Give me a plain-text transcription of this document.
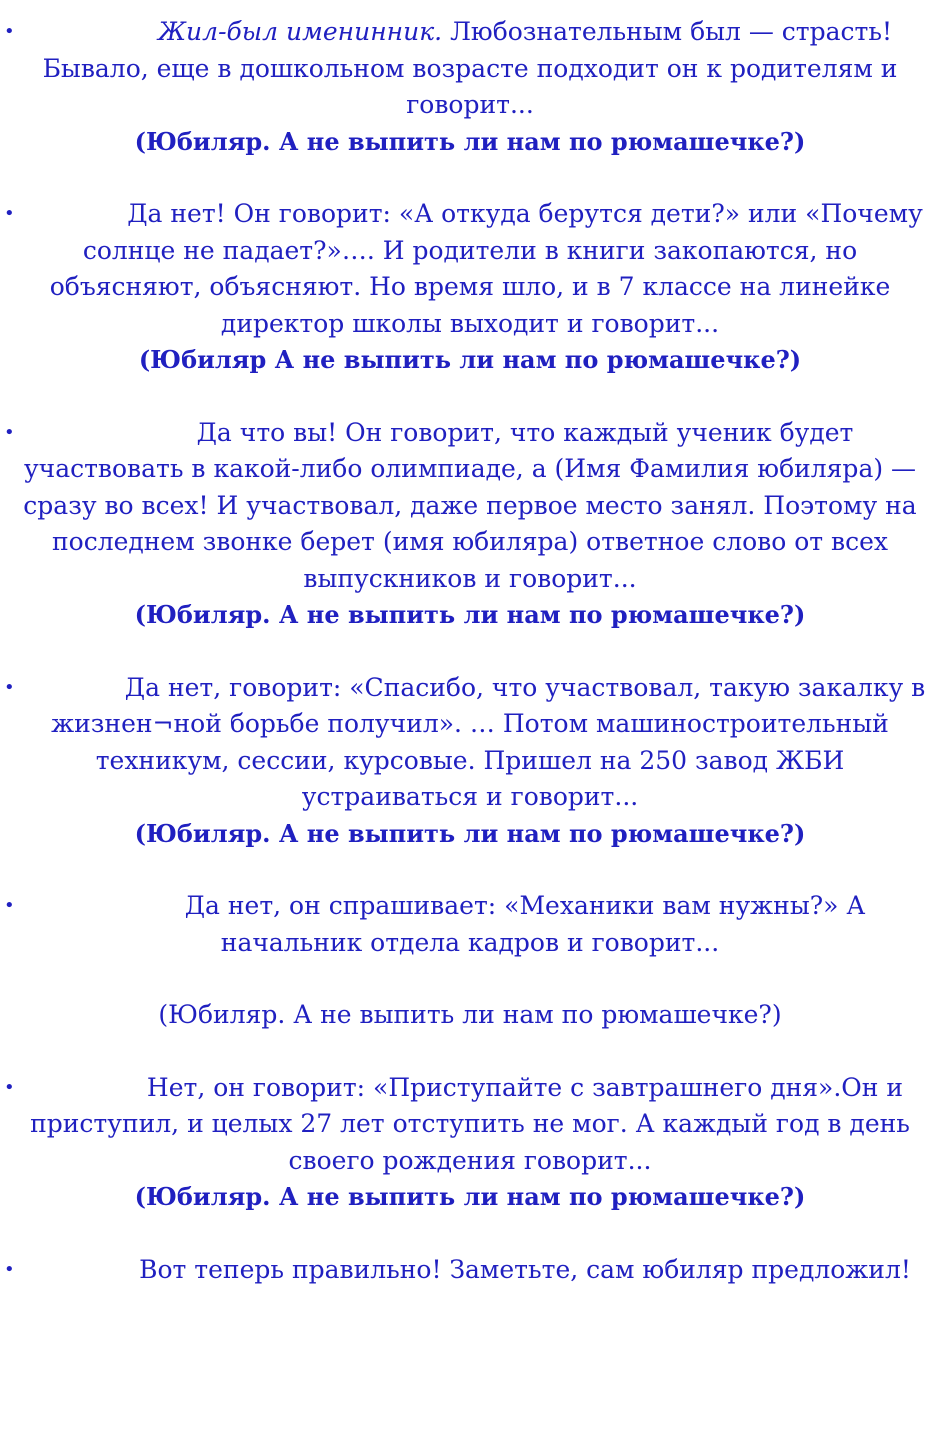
•	Жил-был именинник. Любознательным был — страсть! Бывало, еще в дошкольном возрасте подходит он к родителям и говорит...

(Юбиляр. А не выпить ли нам по рюмашечке?)

•	Да нет! Он говорит: «А откуда берутся дети?» или «Почему солнце не падает?»…. И родители в книги закопаются, но объясняют, объясняют. Но время шло, и в 7 классе на линейке директор школы выходит и говорит...

(Юбиляр А не выпить ли нам по рюмашечке?)

•	Да что вы! Он говорит, что каждый ученик будет участвовать в какой-либо олимпиаде, а (Имя Фамилия юбиляра) — сразу во всех! И участвовал, даже первое место занял. Поэтому на последнем звонке берет (имя юбиляра) ответное слово от всех выпускников и говорит...

(Юбиляр. А не выпить ли нам по рюмашечке?)

•	Да нет, говорит: «Спасибо, что участвовал, такую закалку в жизнен¬ной борьбе получил». … Потом машиностроительный техникум, сессии, курсовые. Пришел на 250 завод ЖБИ устраиваться и говорит...

(Юбиляр. А не выпить ли нам по рюмашечке?)

•	Да нет, он спрашивает: «Механики вам нужны?» А начальник отдела кадров и говорит...

(Юбиляр. А не выпить ли нам по рюмашечке?)

•	Нет, он говорит: «Приступайте с завтрашнего дня».Он и приступил, и целых 27 лет отступить не мог. А каждый год в день своего рождения говорит...

(Юбиляр. А не выпить ли нам по рюмашечке?)

•	Вот теперь правильно! Заметьте, сам юбиляр предложил!
